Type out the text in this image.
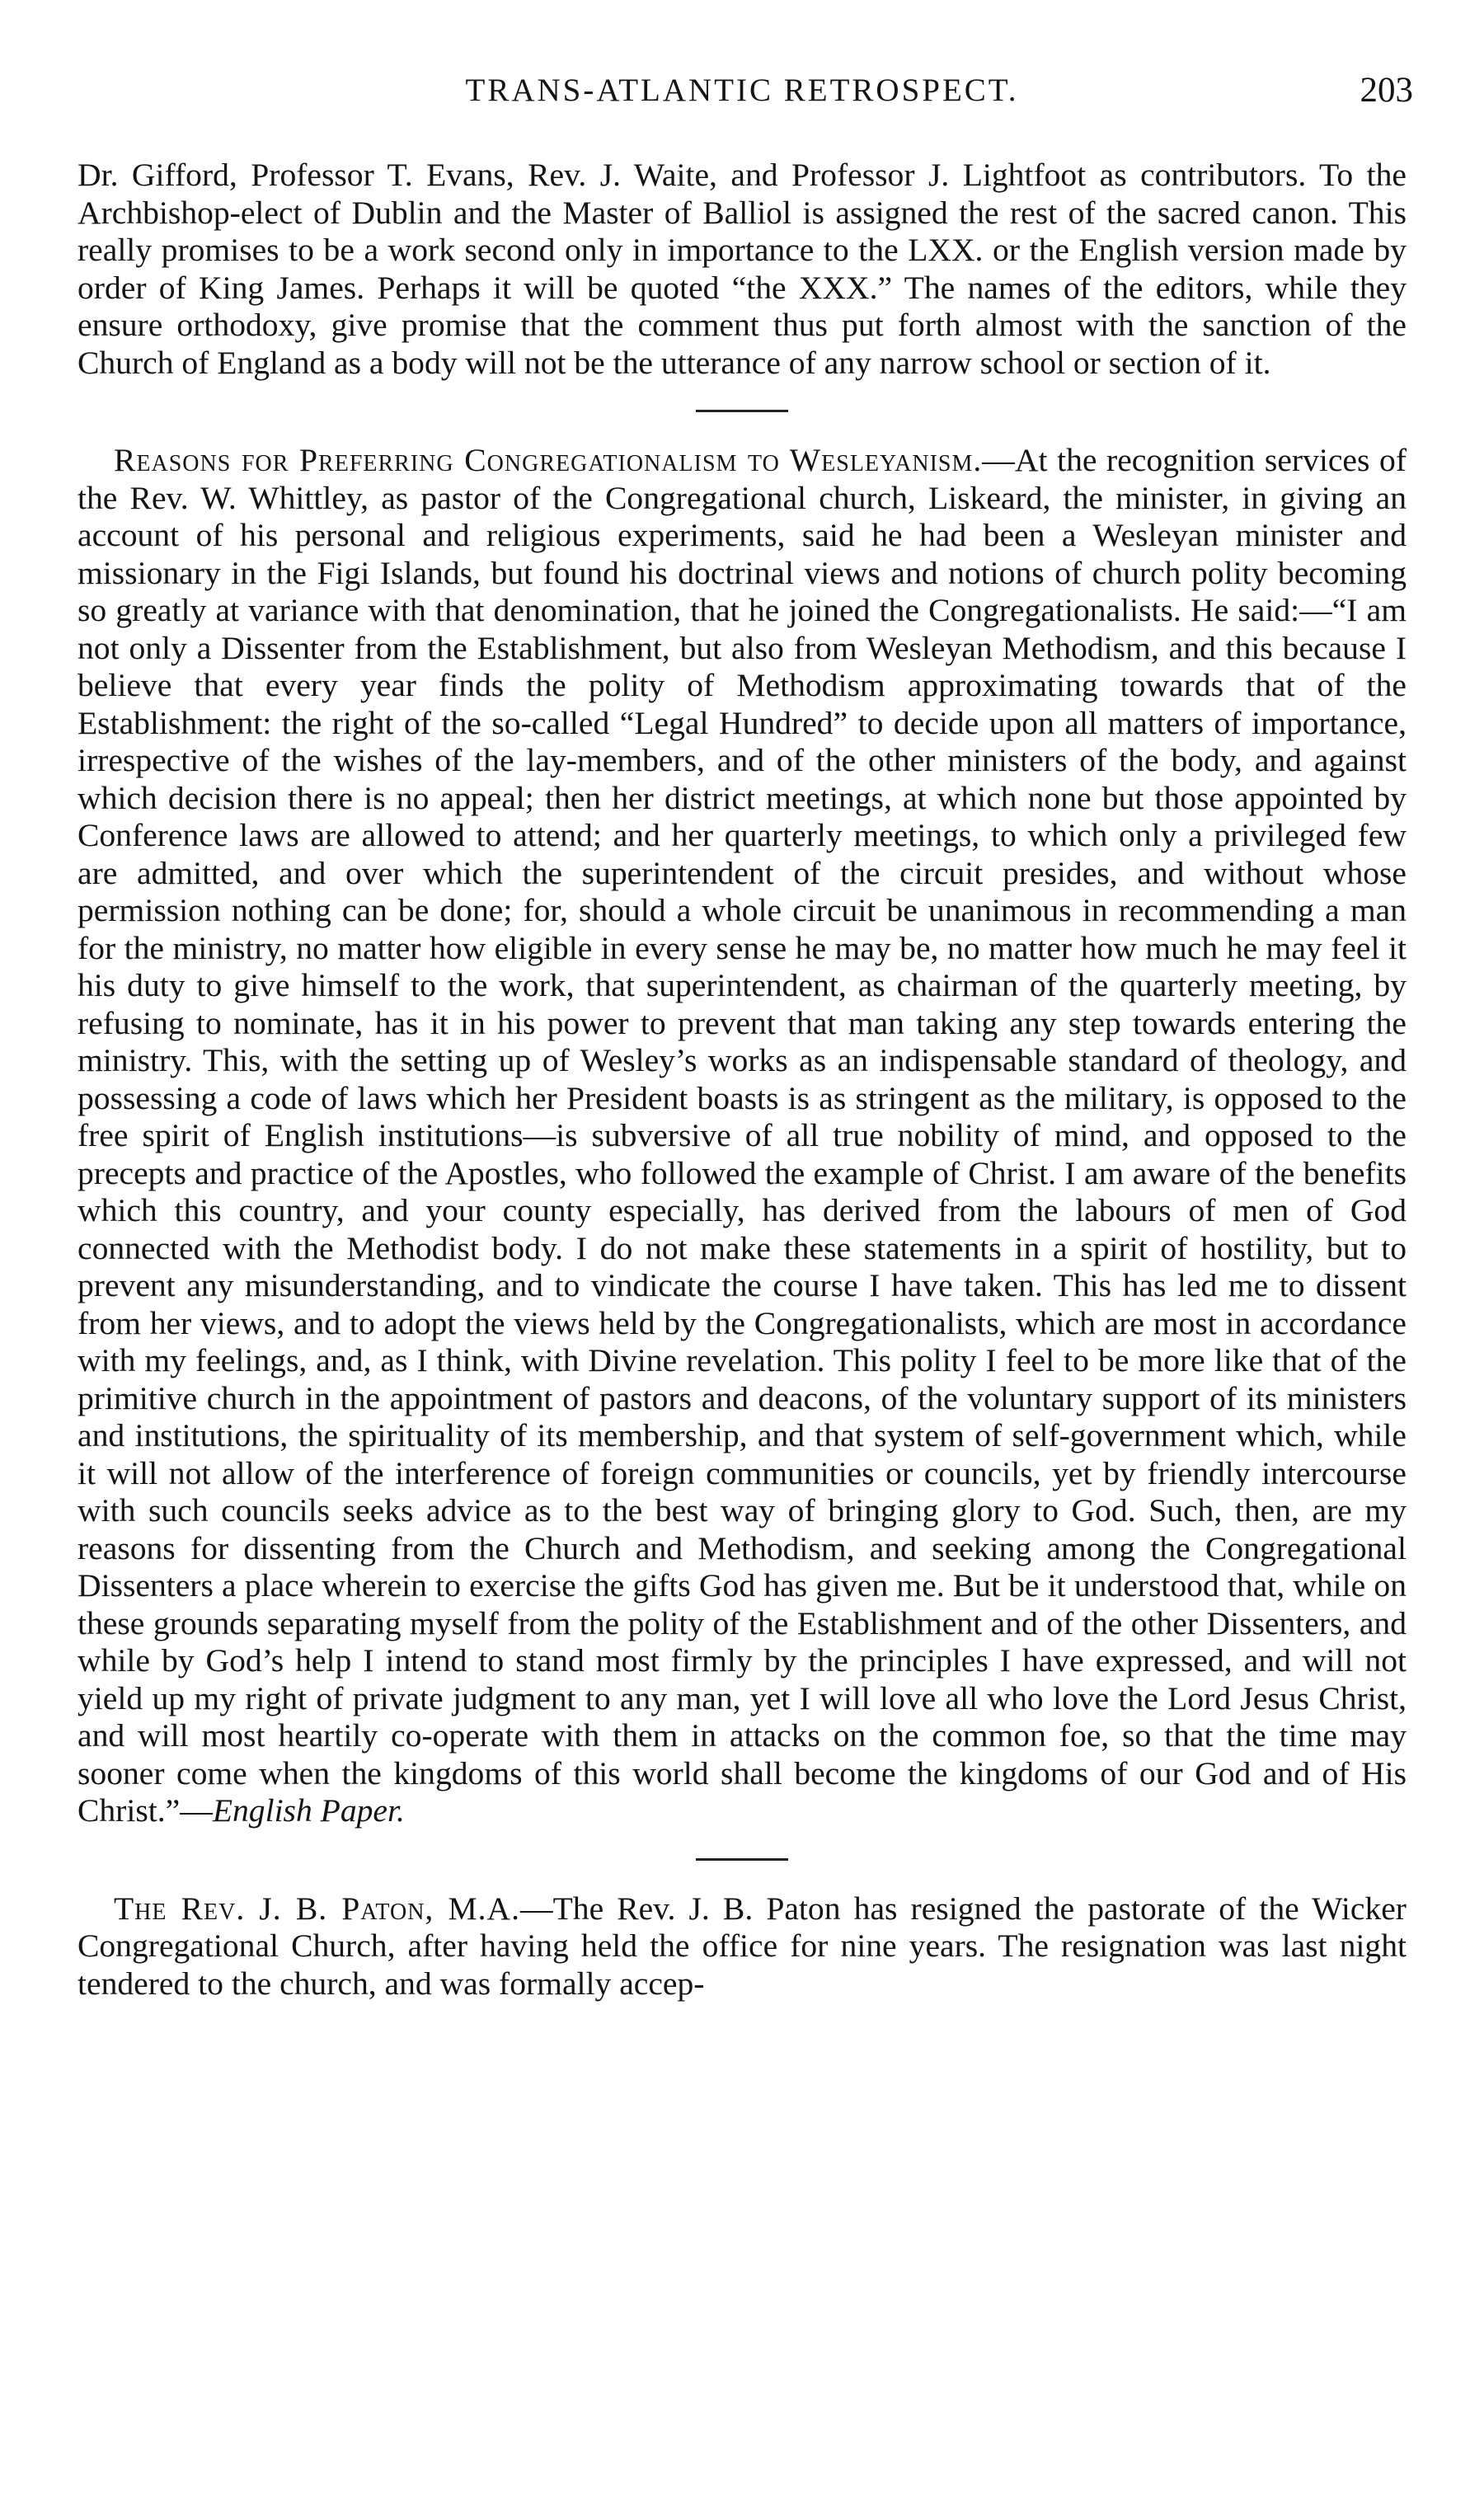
TRANS-ATLANTIC RETROSPECT.	203

Dr. Gifford, Professor T. Evans, Rev. J. Waite, and Professor J. Lightfoot as contributors. To the Archbishop-elect of Dublin and the Master of Balliol is assigned the rest of the sacred canon. This really promises to be a work second only in importance to the LXX. or the English version made by order of King James. Perhaps it will be quoted “the XXX.” The names of the editors, while they ensure orthodoxy, give promise that the comment thus put forth almost with the sanction of the Church of England as a body will not be the utterance of any narrow school or section of it.

Reasons for Preferring Congregationalism to Wesleyanism.—At the recognition services of the Rev. W. Whittley, as pastor of the Congregational church, Liskeard, the minister, in giving an account of his personal and religious experiments, said he had been a Wesleyan minister and missionary in the Figi Islands, but found his doctrinal views and notions of church polity becoming so greatly at variance with that denomination, that he joined the Congregationalists. He said:—“I am not only a Dissenter from the Establishment, but also from Wesleyan Methodism, and this because I believe that every year finds the polity of Methodism approximating towards that of the Establishment: the right of the so-called “Legal Hundred” to decide upon all matters of importance, irrespective of the wishes of the lay-members, and of the other ministers of the body, and against which decision there is no appeal; then her district meetings, at which none but those appointed by Conference laws are allowed to attend; and her quarterly meetings, to which only a privileged few are admitted, and over which the superintendent of the circuit presides, and without whose permission nothing can be done; for, should a whole circuit be unanimous in recommending a man for the ministry, no matter how eligible in every sense he may be, no matter how much he may feel it his duty to give himself to the work, that superintendent, as chairman of the quarterly meeting, by refusing to nominate, has it in his power to prevent that man taking any step towards entering the ministry. This, with the setting up of Wesley’s works as an indispensable standard of theology, and possessing a code of laws which her President boasts is as stringent as the military, is opposed to the free spirit of English institutions—is subversive of all true nobility of mind, and opposed to the precepts and practice of the Apostles, who followed the example of Christ. I am aware of the benefits which this country, and your county especially, has derived from the labours of men of God connected with the Methodist body. I do not make these statements in a spirit of hostility, but to prevent any misunderstanding, and to vindicate the course I have taken. This has led me to dissent from her views, and to adopt the views held by the Congregationalists, which are most in accordance with my feelings, and, as I think, with Divine revelation. This polity I feel to be more like that of the primitive church in the appointment of pastors and deacons, of the voluntary support of its ministers and institutions, the spirituality of its membership, and that system of self-government which, while it will not allow of the interference of foreign communities or councils, yet by friendly intercourse with such councils seeks advice as to the best way of bringing glory to God. Such, then, are my reasons for dissenting from the Church and Methodism, and seeking among the Congregational Dissenters a place wherein to exercise the gifts God has given me. But be it understood that, while on these grounds separating myself from the polity of the Establishment and of the other Dissenters, and while by God’s help I intend to stand most firmly by the principles I have expressed, and will not yield up my right of private judgment to any man, yet I will love all who love the Lord Jesus Christ, and will most heartily co-operate with them in attacks on the common foe, so that the time may sooner come when the kingdoms of this world shall become the kingdoms of our God and of His Christ.”—English Paper.

The Rev. J. B. Paton, M.A.—The Rev. J. B. Paton has resigned the pastorate of the Wicker Congregational Church, after having held the office for nine years. The resignation was last night tendered to the church, and was formally accep-
